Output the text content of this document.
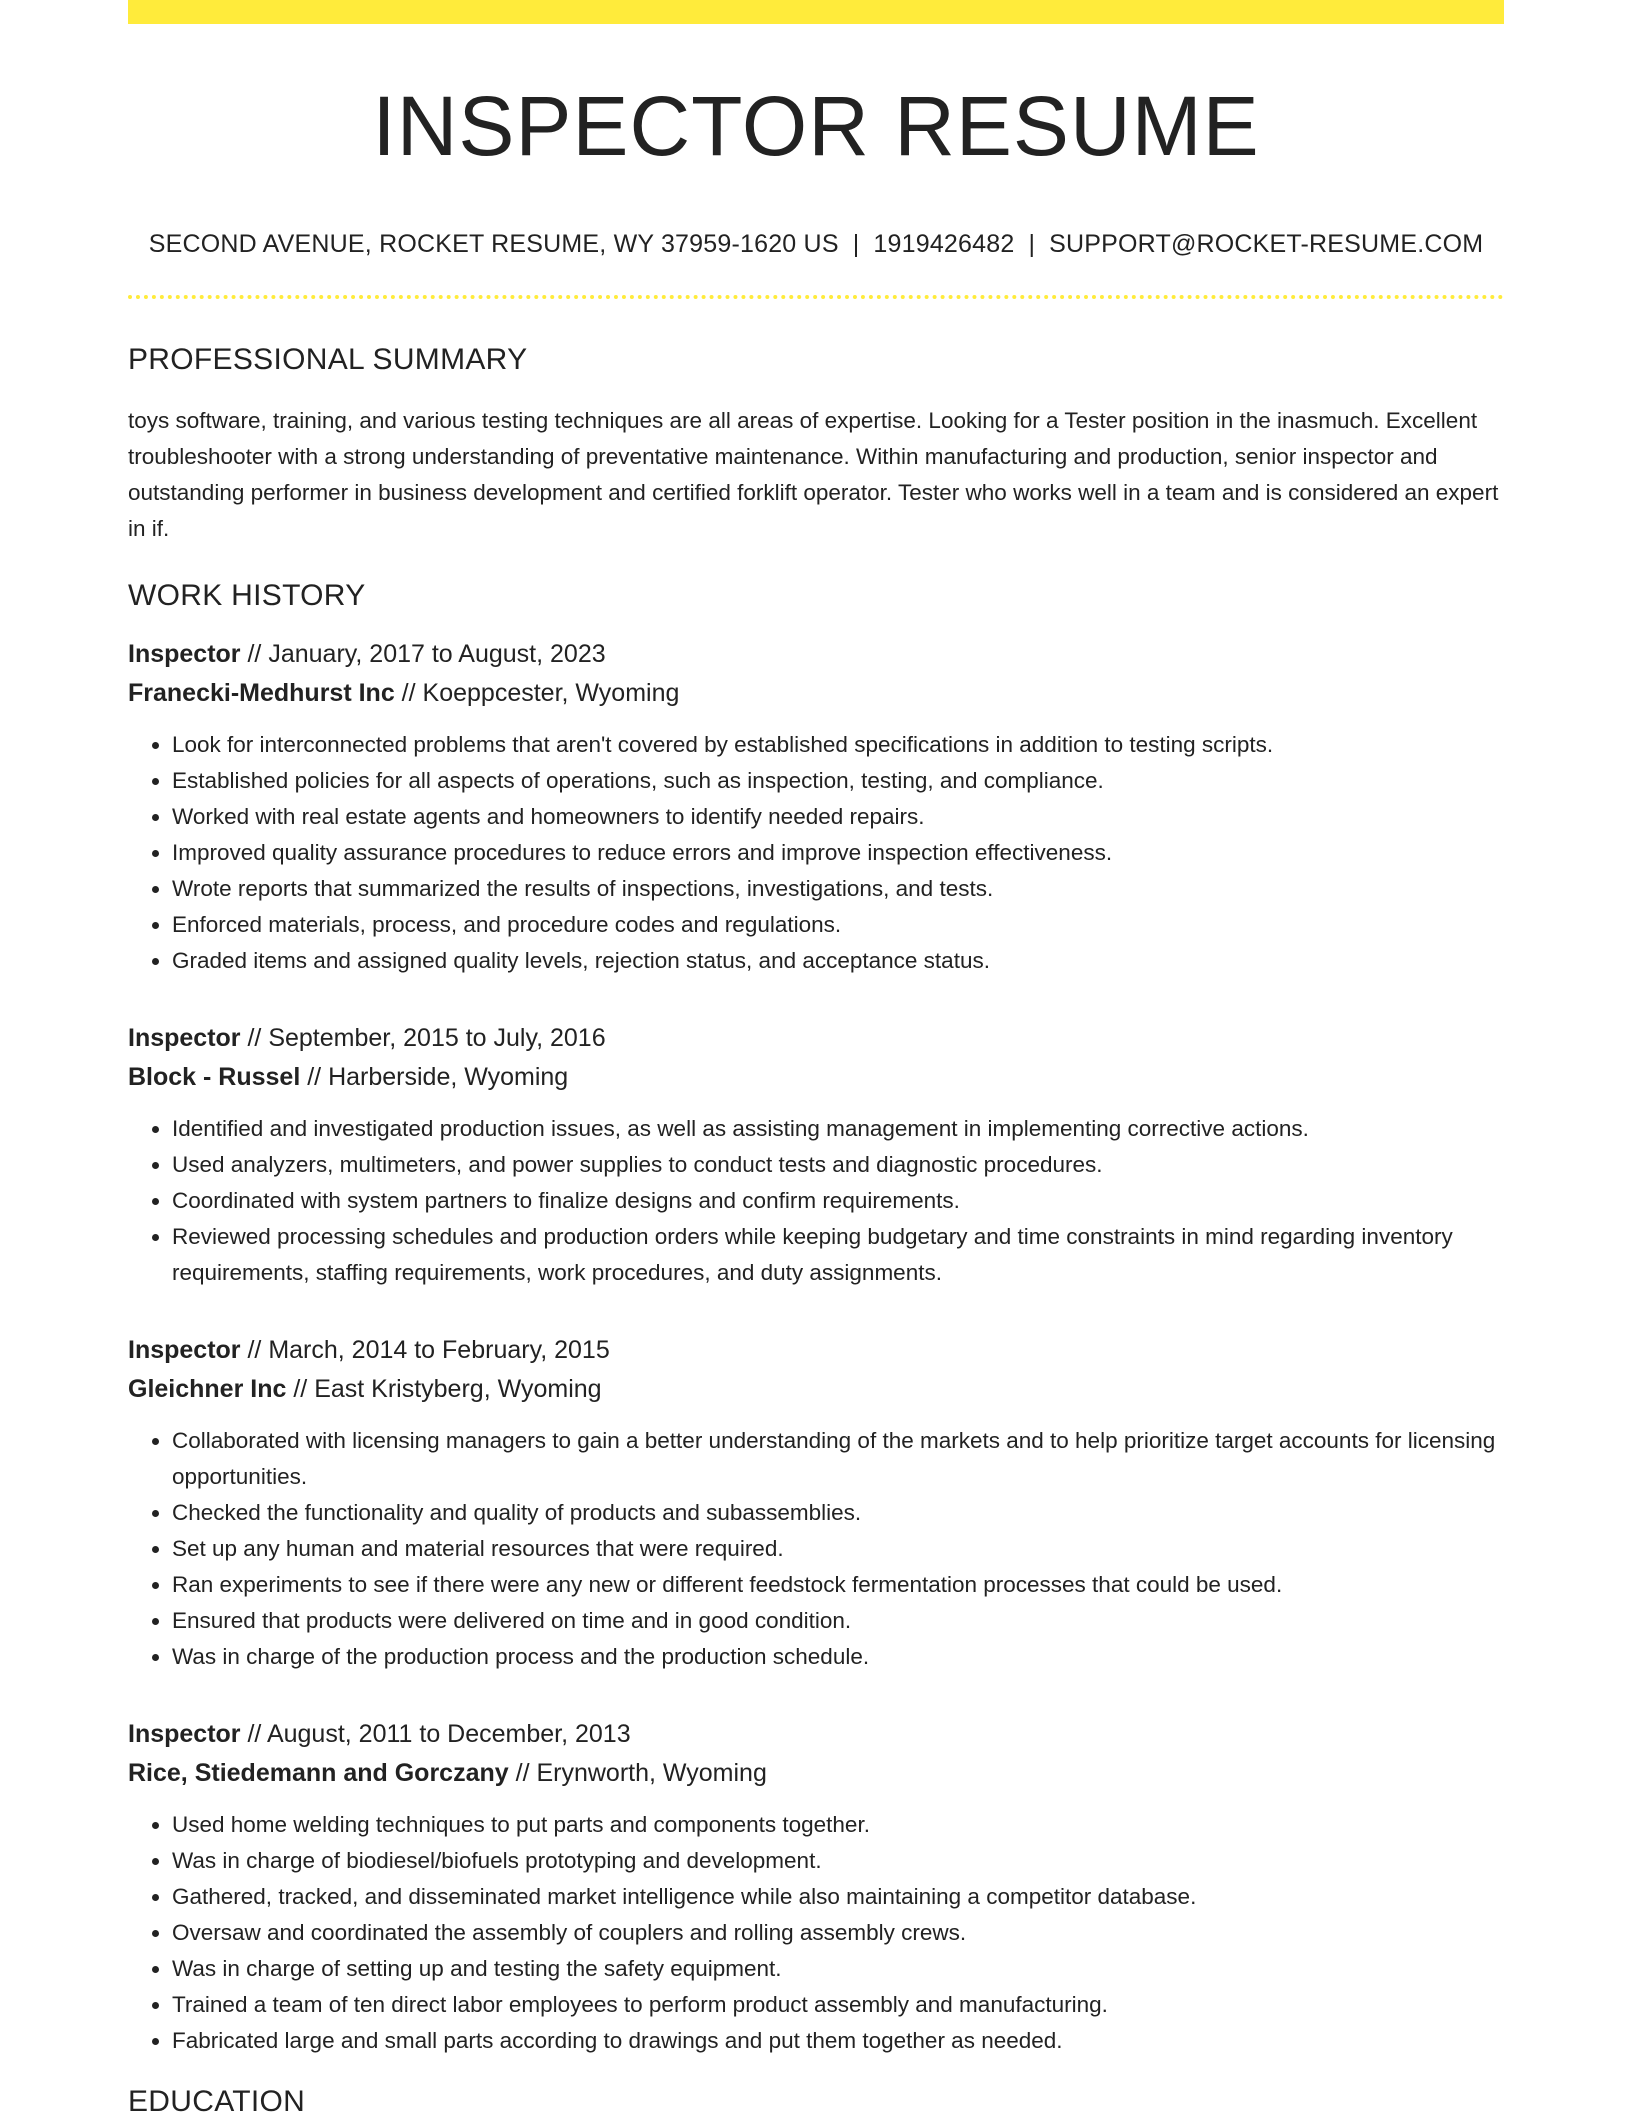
INSPECTOR RESUME
SECOND AVENUE, ROCKET RESUME, WY 37959-1620 US | 1919426482 | SUPPORT@ROCKET-RESUME.COM
PROFESSIONAL SUMMARY

toys software, training, and various testing techniques are all areas of expertise. Looking for a Tester position in the inasmuch. Excellent troubleshooter with a strong understanding of preventative maintenance. Within manufacturing and production, senior inspector and outstanding performer in business development and certified forklift operator. Tester who works well in a team and is considered an expert in if.

WORK HISTORY
Inspector // January, 2017 to August, 2023
Franecki-Medhurst Inc // Koeppcester, Wyoming
• Look for interconnected problems that aren't covered by established specifications in addition to testing scripts.
• Established policies for all aspects of operations, such as inspection, testing, and compliance.
• Worked with real estate agents and homeowners to identify needed repairs.
• Improved quality assurance procedures to reduce errors and improve inspection effectiveness.
• Wrote reports that summarized the results of inspections, investigations, and tests.
• Enforced materials, process, and procedure codes and regulations.
• Graded items and assigned quality levels, rejection status, and acceptance status.
Inspector // September, 2015 to July, 2016
Block - Russel // Harberside, Wyoming
• Identified and investigated production issues, as well as assisting management in implementing corrective actions.
• Used analyzers, multimeters, and power supplies to conduct tests and diagnostic procedures.
• Coordinated with system partners to finalize designs and confirm requirements.
• Reviewed processing schedules and production orders while keeping budgetary and time constraints in mind regarding inventory requirements, staffing requirements, work procedures, and duty assignments.
Inspector // March, 2014 to February, 2015
Gleichner Inc // East Kristyberg, Wyoming
• Collaborated with licensing managers to gain a better understanding of the markets and to help prioritize target accounts for licensing opportunities.
• Checked the functionality and quality of products and subassemblies.
• Set up any human and material resources that were required.
• Ran experiments to see if there were any new or different feedstock fermentation processes that could be used.
• Ensured that products were delivered on time and in good condition.
• Was in charge of the production process and the production schedule.
Inspector // August, 2011 to December, 2013
Rice, Stiedemann and Gorczany // Erynworth, Wyoming
• Used home welding techniques to put parts and components together.
• Was in charge of biodiesel/biofuels prototyping and development.
• Gathered, tracked, and disseminated market intelligence while also maintaining a competitor database.
• Oversaw and coordinated the assembly of couplers and rolling assembly crews.
• Was in charge of setting up and testing the safety equipment.
• Trained a team of ten direct labor employees to perform product assembly and manufacturing.
• Fabricated large and small parts according to drawings and put them together as needed.
EDUCATION
